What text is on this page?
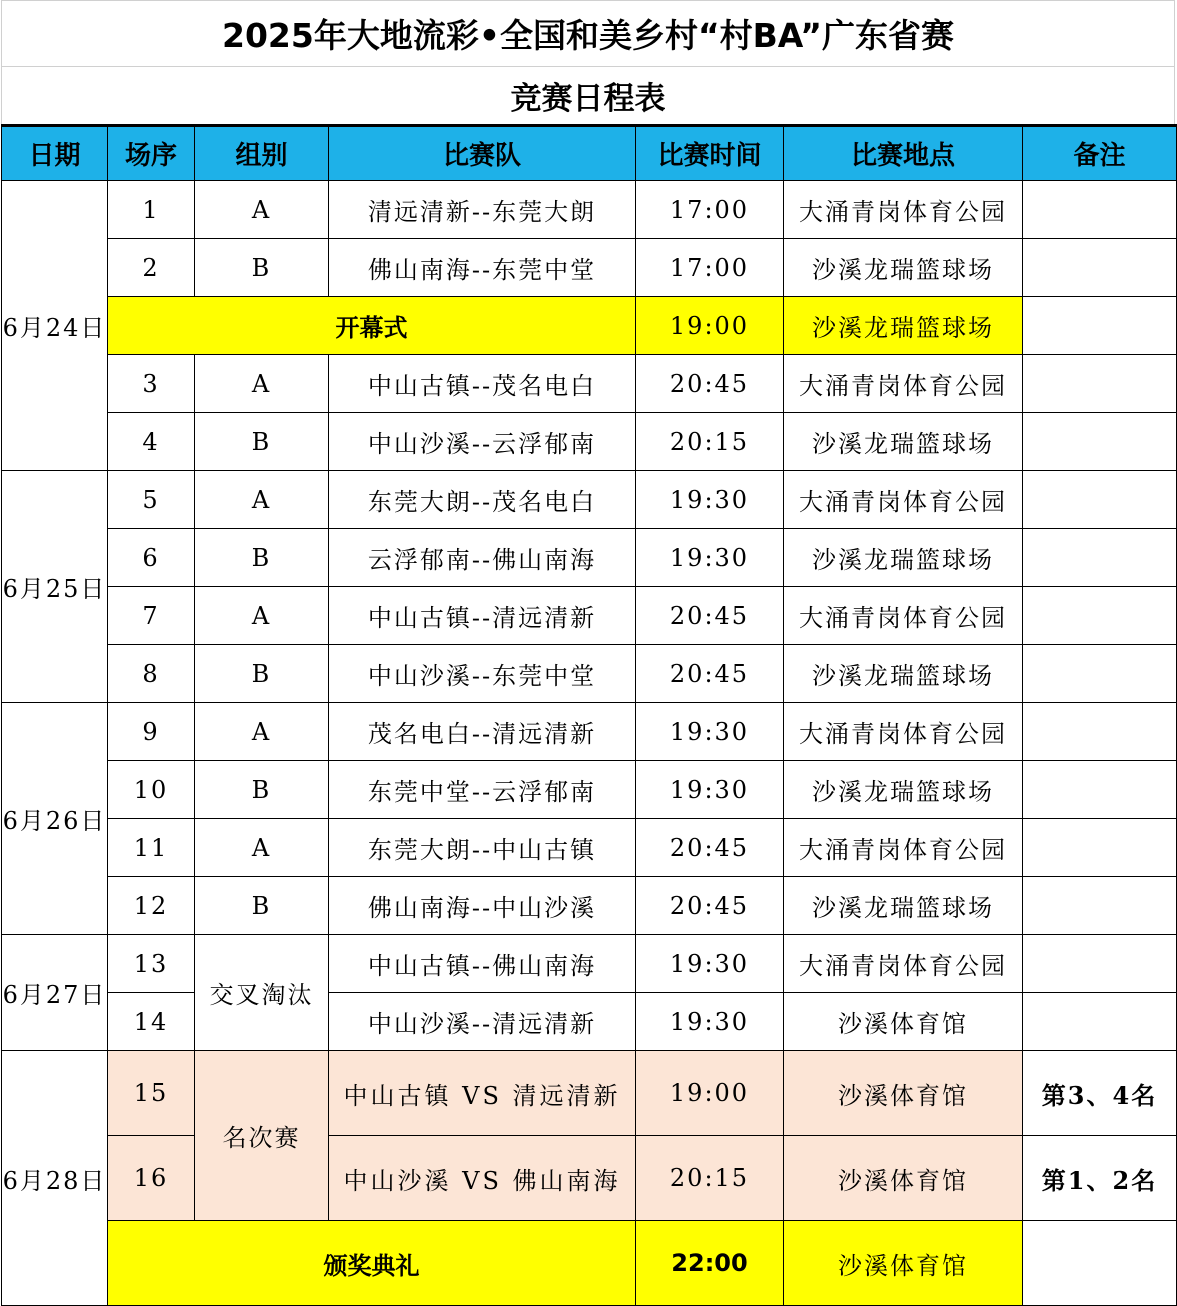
2025年大地流彩•全国和美乡村“村BA”广东省赛
竞赛日程表
日期	场序	组别	比赛队	比赛时间	比赛地点	备注
6月24日	1	A	清远清新--东莞大朗	17:00	大涌青岗体育公园	
	2	B	佛山南海--东莞中堂	17:00	沙溪龙瑞篮球场	
	开幕式			19:00	沙溪龙瑞篮球场	
	3	A	中山古镇--茂名电白	20:45	大涌青岗体育公园	
	4	B	中山沙溪--云浮郁南	20:15	沙溪龙瑞篮球场	
6月25日	5	A	东莞大朗--茂名电白	19:30	大涌青岗体育公园	
	6	B	云浮郁南--佛山南海	19:30	沙溪龙瑞篮球场	
	7	A	中山古镇--清远清新	20:45	大涌青岗体育公园	
	8	B	中山沙溪--东莞中堂	20:45	沙溪龙瑞篮球场	
6月26日	9	A	茂名电白--清远清新	19:30	大涌青岗体育公园	
	10	B	东莞中堂--云浮郁南	19:30	沙溪龙瑞篮球场	
	11	A	东莞大朗--中山古镇	20:45	大涌青岗体育公园	
	12	B	佛山南海--中山沙溪	20:45	沙溪龙瑞篮球场	
6月27日	13	交叉淘汰	中山古镇--佛山南海	19:30	大涌青岗体育公园	
	14		中山沙溪--清远清新	19:30	沙溪体育馆	
6月28日	15	名次赛	中山古镇 VS 清远清新	19:00	沙溪体育馆	第3、4名
	16		中山沙溪 VS 佛山南海	20:15	沙溪体育馆	第1、2名
	颁奖典礼			22:00	沙溪体育馆	
